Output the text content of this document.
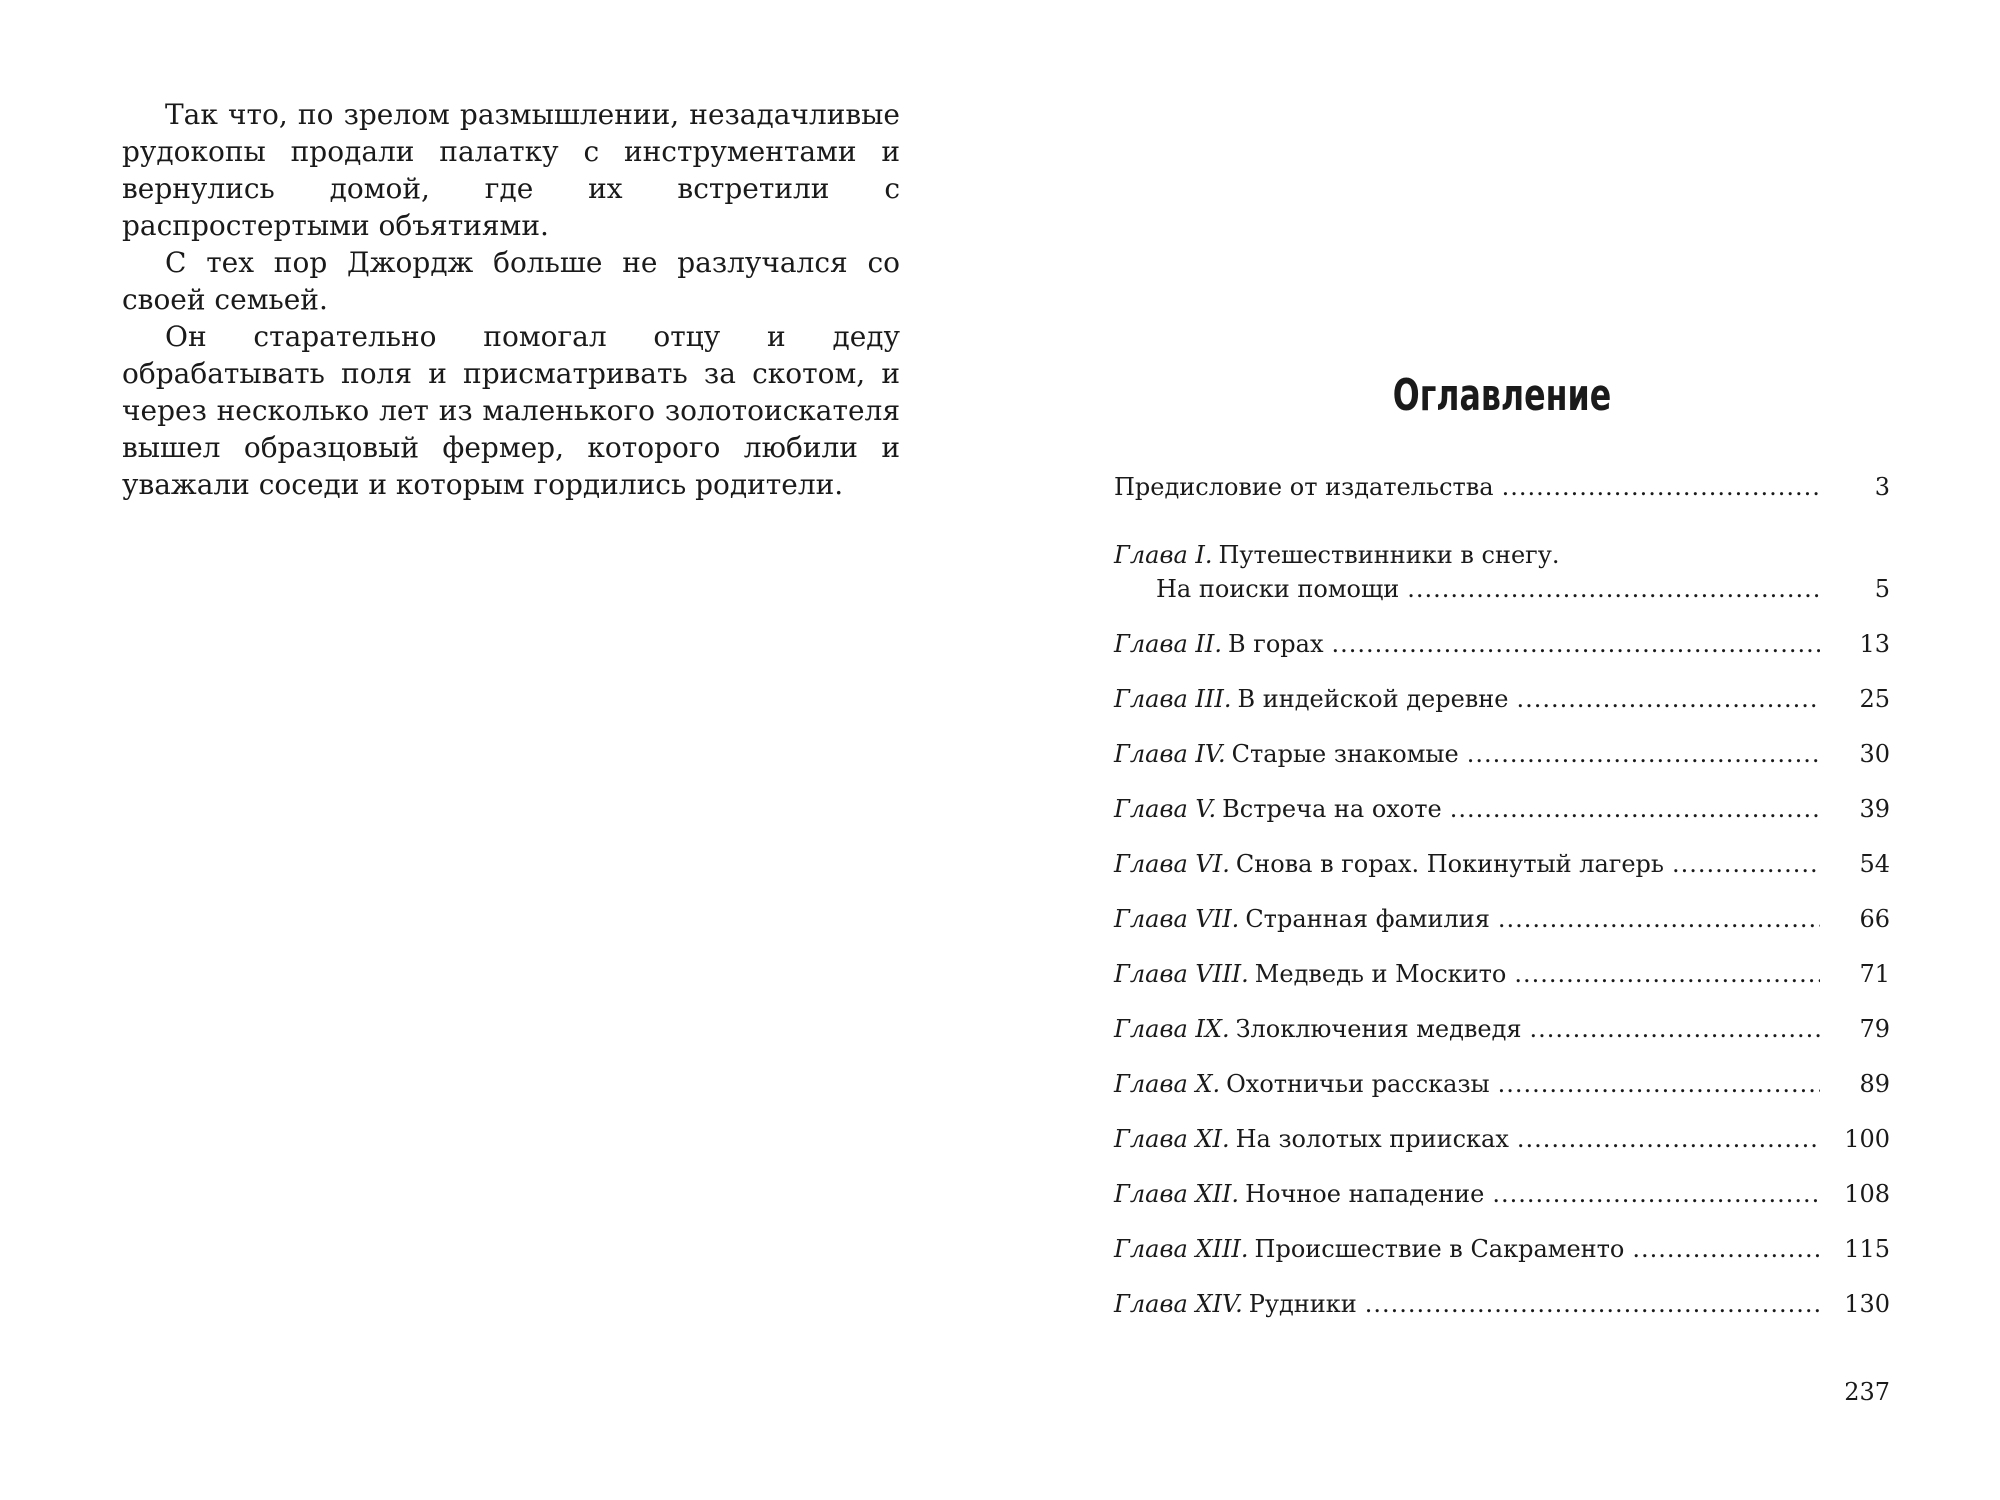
Так что, по зрелом размышлении, незадачливые рудокопы продали палатку с инструментами и вернулись домой, где их встретили с распростертыми объятиями.

С тех пор Джордж больше не разлучался со своей семьей.

Он старательно помогал отцу и деду обрабатывать поля и присматривать за скотом, и через несколько лет из маленького золотоискателя вышел образцовый фермер, которого любили и уважали соседи и которым гордились родители.

Оглавление
Предисловие от издательства .....	3
Глава I. Путешествинники в снегу.
На поиски помощи .....	5
Глава II. В горах .....	13
Глава III. В индейской деревне .....	25
Глава IV. Старые знакомые .....	30
Глава V. Встреча на охоте .....	39
Глава VI. Снова в горах. Покинутый лагерь .....	54
Глава VII. Странная фамилия .....	66
Глава VIII. Медведь и Москито .....	71
Глава IX. Злоключения медведя .....	79
Глава X. Охотничьи рассказы .....	89
Глава XI. На золотых приисках .....	100
Глава XII. Ночное нападение .....	108
Глава XIII. Происшествие в Сакраменто .....	115
Глава XIV. Рудники .....	130
237
